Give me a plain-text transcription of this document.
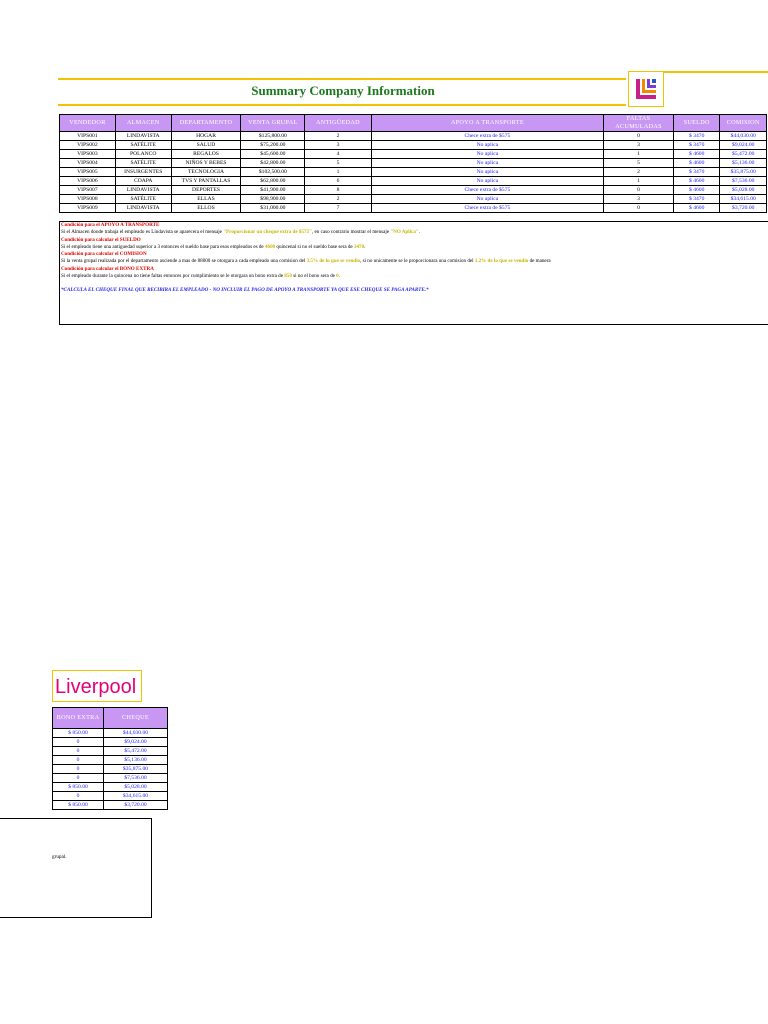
Summary Company Information
VENDEDOR	ALMACEN	DEPARTAMENTO	VENTA GRUPAL	ANTIGÜEDAD	APOYO A TRANSPORTE	FALTAS ACUMULADAS	SUELDO	COMISION
VIPS001	LINDAVISTA	HOGAR	$125,800.00	2	Chece extra de $575	0	$ 3470	$44,030.00
VIPS002	SATÉLITE	SALUD	$75,200.00	3	No aplica	3	$ 3470	$9,024.00
VIPS003	POLANCO	REGALOS	$45,600.00	4	No aplica	1	$ 4600	$5,472.00
VIPS004	SATÉLITE	NIÑOS Y BEBES	$42,800.00	5	No aplica	5	$ 4600	$5,136.00
VIPS005	INSURGENTES	TECNOLOGIA	$102,500.00	1	No aplica	2	$ 3470	$35,875.00
VIPS006	COAPA	TVS Y PANTALLAS	$62,800.00	6	No aplica	1	$ 4600	$7,536.00
VIPS007	LINDAVISTA	DEPORTES	$41,900.00	8	Chece extra de $575	0	$ 4600	$5,028.00
VIPS008	SATÉLITE	ELLAS	$98,900.00	2	No aplica	3	$ 3470	$34,615.00
VIPS009	LINDAVISTA	ELLOS	$31,000.00	7	Chece extra de $575	0	$ 4600	$3,720.00
Condición para el APOYO A TRANSPORTE
Si el Almacen donde trabaja el empleado es Lindavista se aparecera el mensaje "Proporcionar un cheque extra de $575", en caso contrario mostrar el mensaje "NO Aplica".
Condición para calcular el SUELDO
Si el empleado tiene una antiguedad superior a 3 entonces el sueldo base para esos empleados es de 4600 quincenal si no el sueldo base sera de 3470.
Condición para calcular el COMISION
Si la venta grupal realizada por el departamento asciende a mas de 88000 se otorgara a cada empleado una comision del 3.5% de lo que se vendio, si no unicamente se le proporcionara una comision del 1.2% de lo que se vendio de manera
Condición para calcular el BONO EXTRA
Si el empleado durante la quincena no tiene faltas entonces por cumplimiento se le otorgara un bono extra de 850 si no el bono sera de 0.
*CALCULA EL CHEQUE FINAL QUE RECIBIRA EL EMPLEADO - NO INCLUIR EL PAGO DE APOYO A TRANSPORTE YA QUE ESE CHEQUE SE PAGA APARTE.*
Liverpool
BONO EXTRA	CHEQUE
$ 850.00	$44,030.00
0	$9,024.00
0	$5,472.00
0	$5,136.00
0	$35,875.00
0	$7,536.00
$ 850.00	$5,028.00
0	$34,615.00
$ 850.00	$3,720.00
grupal.
